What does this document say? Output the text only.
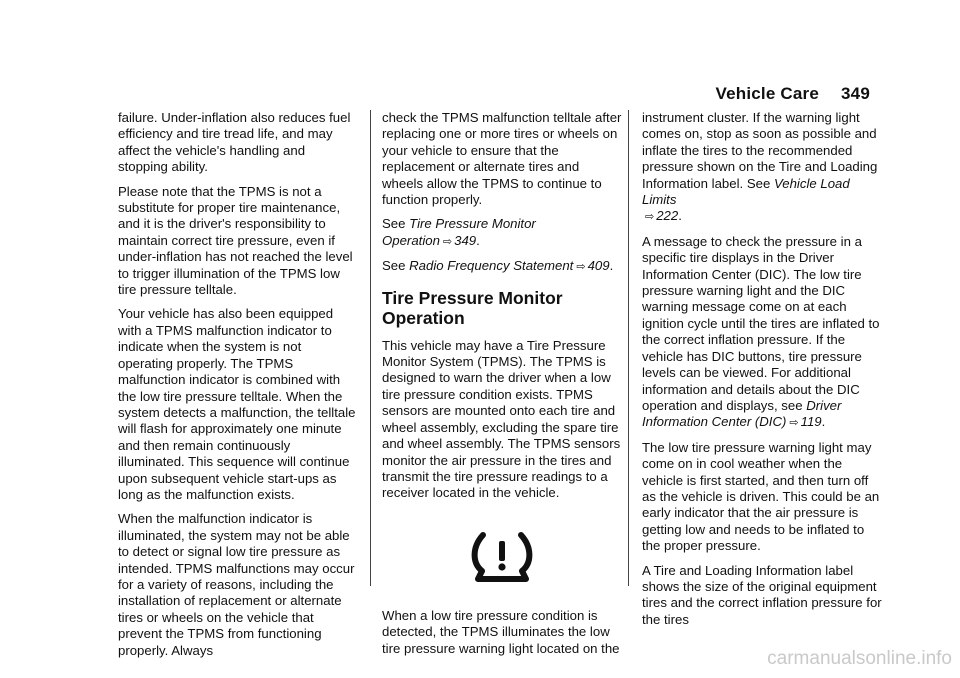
Vehicle Care 349

failure. Under-inflation also reduces fuel efficiency and tire tread life, and may affect the vehicle's handling and stopping ability.

Please note that the TPMS is not a substitute for proper tire maintenance, and it is the driver's responsibility to maintain correct tire pressure, even if under-inflation has not reached the level to trigger illumination of the TPMS low tire pressure telltale.

Your vehicle has also been equipped with a TPMS malfunction indicator to indicate when the system is not operating properly. The TPMS malfunction indicator is combined with the low tire pressure telltale. When the system detects a malfunction, the telltale will flash for approximately one minute and then remain continuously illuminated. This sequence will continue upon subsequent vehicle start-ups as long as the malfunction exists.

When the malfunction indicator is illuminated, the system may not be able to detect or signal low tire pressure as intended. TPMS malfunctions may occur for a variety of reasons, including the installation of replacement or alternate tires or wheels on the vehicle that prevent the TPMS from functioning properly. Always

check the TPMS malfunction telltale after replacing one or more tires or wheels on your vehicle to ensure that the replacement or alternate tires and wheels allow the TPMS to continue to function properly.

See Tire Pressure Monitor Operation ⇨ 349.

See Radio Frequency Statement ⇨ 409.

Tire Pressure Monitor Operation

This vehicle may have a Tire Pressure Monitor System (TPMS). The TPMS is designed to warn the driver when a low tire pressure condition exists. TPMS sensors are mounted onto each tire and wheel assembly, excluding the spare tire and wheel assembly. The TPMS sensors monitor the air pressure in the tires and transmit the tire pressure readings to a receiver located in the vehicle.

When a low tire pressure condition is detected, the TPMS illuminates the low tire pressure warning light located on the

instrument cluster. If the warning light comes on, stop as soon as possible and inflate the tires to the recommended pressure shown on the Tire and Loading Information label. See Vehicle Load Limits
⇨ 222.

A message to check the pressure in a specific tire displays in the Driver Information Center (DIC). The low tire pressure warning light and the DIC warning message come on at each ignition cycle until the tires are inflated to the correct inflation pressure. If the vehicle has DIC buttons, tire pressure levels can be viewed. For additional information and details about the DIC operation and displays, see Driver Information Center (DIC) ⇨ 119.

The low tire pressure warning light may come on in cool weather when the vehicle is first started, and then turn off as the vehicle is driven. This could be an early indicator that the air pressure is getting low and needs to be inflated to the proper pressure.

A Tire and Loading Information label shows the size of the original equipment tires and the correct inflation pressure for the tires

carmanualsonline.info
